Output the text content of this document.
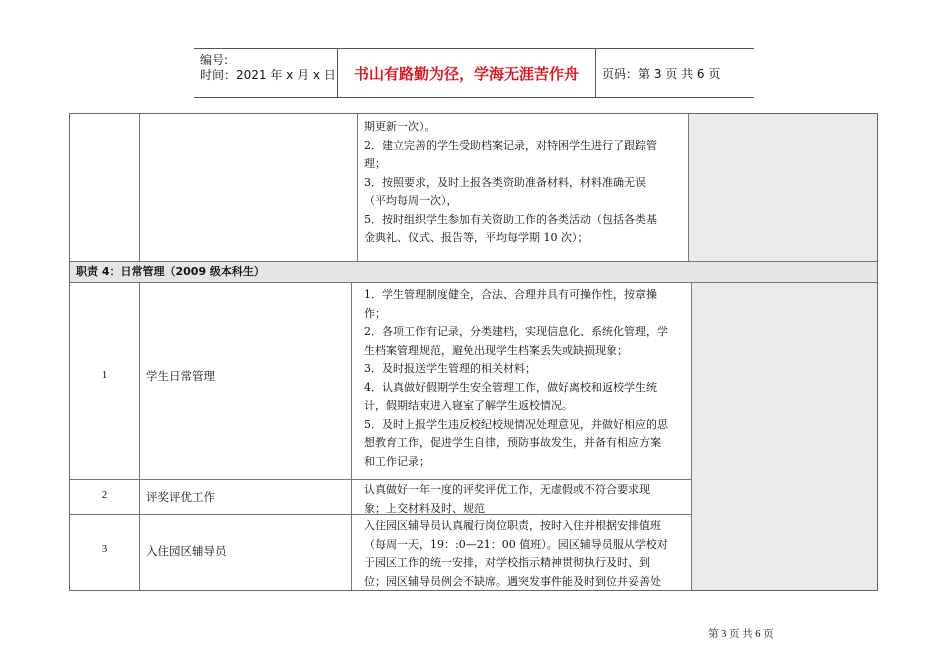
编号:
时间：2021 年 x 月 x 日	书山有路勤为径，学海无涯苦作舟	页码：第 3 页 共 6 页
期更新一次）。
2．建立完善的学生受助档案记录，对特困学生进行了跟踪管
理；
3．按照要求，及时上报各类资助准备材料，材料准确无误
（平均每周一次），
5．按时组织学生参加有关资助工作的各类活动（包括各类基
金典礼、仪式、报告等，平均每学期 10 次）；
职责 4：日常管理（2009 级本科生）
1	学生日常管理
1．学生管理制度健全，合法、合理并具有可操作性，按章操
作；
2．各项工作有记录，分类建档，实现信息化、系统化管理，学
生档案管理规范，避免出现学生档案丢失或缺损现象；
3．及时报送学生管理的相关材料；
4．认真做好假期学生安全管理工作，做好离校和返校学生统
计，假期结束进入寝室了解学生返校情况。
5．及时上报学生违反校纪校规情况处理意见，并做好相应的思
想教育工作，促进学生自律，预防事故发生，并备有相应方案
和工作记录；
2	评奖评优工作
认真做好一年一度的评奖评优工作，无虚假或不符合要求现
象；上交材料及时、规范
3	入住园区辅导员
入住园区辅导员认真履行岗位职责，按时入住并根据安排值班
（每周一天，19：:0—21：00 值班）。园区辅导员服从学校对
于园区工作的统一安排，对学校指示精神贯彻执行及时、到
位；园区辅导员例会不缺席。遇突发事件能及时到位并妥善处
第 3 页 共 6 页
